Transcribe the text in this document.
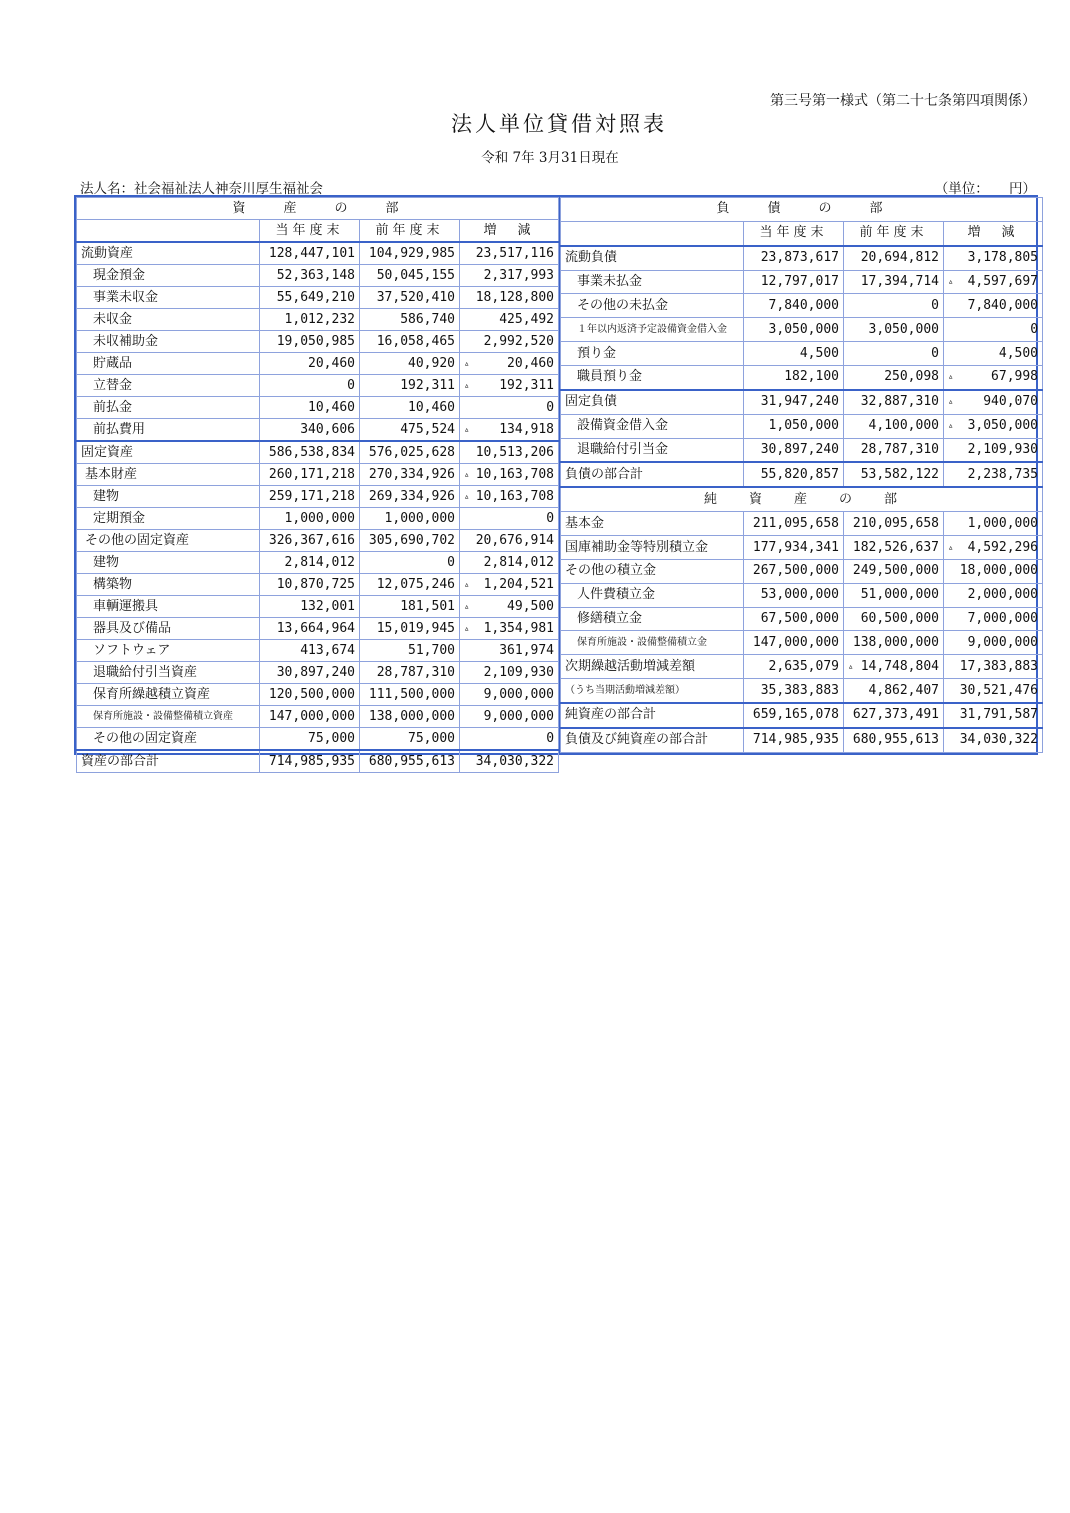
第三号第一様式（第二十七条第四項関係）
法人単位貸借対照表
令和 7年 3月31日現在
法人名：社会福祉法人神奈川厚生福祉会	（単位：　　円）
資　　産　　の　　部			
	当年度末	前年度末	増　減
流動資産	128,447,101	104,929,985	23,517,116
現金預金	52,363,148	50,045,155	2,317,993
事業未収金	55,649,210	37,520,410	18,128,800
未収金	1,012,232	586,740	425,492
未収補助金	19,050,985	16,058,465	2,992,520
貯蔵品	20,460	40,920	▵ 20,460
立替金	0	192,311	▵ 192,311
前払金	10,460	10,460	0
前払費用	340,606	475,524	▵ 134,918
固定資産	586,538,834	576,025,628	10,513,206
基本財産	260,171,218	270,334,926	▵ 10,163,708
建物	259,171,218	269,334,926	▵ 10,163,708
定期預金	1,000,000	1,000,000	0
その他の固定資産	326,367,616	305,690,702	20,676,914
建物	2,814,012	0	2,814,012
構築物	10,870,725	12,075,246	▵ 1,204,521
車輌運搬具	132,001	181,501	▵ 49,500
器具及び備品	13,664,964	15,019,945	▵ 1,354,981
ソフトウェア	413,674	51,700	361,974
退職給付引当資産	30,897,240	28,787,310	2,109,930
保育所繰越積立資産	120,500,000	111,500,000	9,000,000
保育所施設・設備整備積立資産	147,000,000	138,000,000	9,000,000
その他の固定資産	75,000	75,000	0
資産の部合計	714,985,935	680,955,613	34,030,322
負　　債　　の　　部			
	当年度末	前年度末	増　減
流動負債	23,873,617	20,694,812	3,178,805
事業未払金	12,797,017	17,394,714	▵ 4,597,697
その他の未払金	7,840,000	0	7,840,000
１年以内返済予定設備資金借入金	3,050,000	3,050,000	0
預り金	4,500	0	4,500
職員預り金	182,100	250,098	▵ 67,998
固定負債	31,947,240	32,887,310	▵ 940,070
設備資金借入金	1,050,000	4,100,000	▵ 3,050,000
退職給付引当金	30,897,240	28,787,310	2,109,930
負債の部合計	55,820,857	53,582,122	2,238,735
純　　資　　産　　の　　部			
基本金	211,095,658	210,095,658	1,000,000
国庫補助金等特別積立金	177,934,341	182,526,637	▵ 4,592,296
その他の積立金	267,500,000	249,500,000	18,000,000
人件費積立金	53,000,000	51,000,000	2,000,000
修繕積立金	67,500,000	60,500,000	7,000,000
保育所施設・設備整備積立金	147,000,000	138,000,000	9,000,000
次期繰越活動増減差額	2,635,079	▵ 14,748,804	17,383,883
（うち当期活動増減差額）	35,383,883	4,862,407	30,521,476
純資産の部合計	659,165,078	627,373,491	31,791,587
負債及び純資産の部合計	714,985,935	680,955,613	34,030,322
